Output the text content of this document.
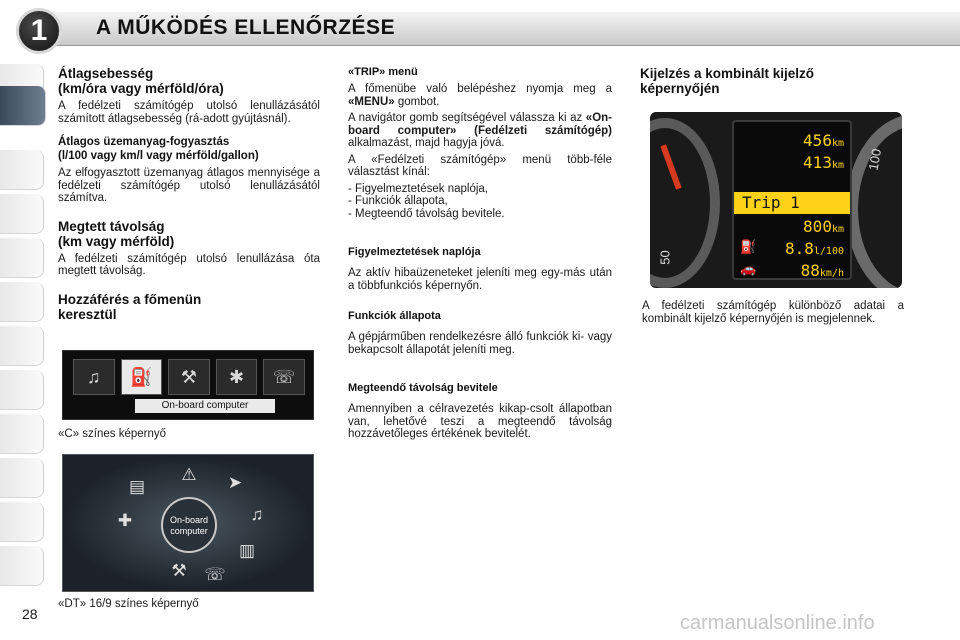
1	A MŰKÖDÉS ELLENŐRZÉSE
28
Átlagsebesség
(km/óra vagy mérföld/óra)

A fedélzeti számítógép utolsó lenullázásától számított átlagsebesség (rá-adott gyújtásnál).

Átlagos üzemanyag-fogyasztás
(l/100 vagy km/l vagy mérföld/gallon)

Az elfogyasztott üzemanyag átlagos mennyisége a fedélzeti számítógép utolsó lenullázásától számítva.

Megtett távolság
(km vagy mérföld)

A fedélzeti számítógép utolsó lenullázása óta megtett távolság.

Hozzáférés a főmenün
keresztül
♫	⛽	⚒	✱	☏
On-board computer
«C» színes képernyő
⚠ ➤
♫
▥
☏
⚒
✚
▤
On-board
computer
«DT» 16/9 színes képernyő
«TRIP» menü

A főmenübe való belépéshez nyomja meg a «MENU» gombot.

A navigátor gomb segítségével válassza ki az «On-board computer» (Fedélzeti számítógép) alkalmazást, majd hagyja jóvá.

A «Fedélzeti számítógép» menü több-féle választást kínál:

- Figyelmeztetések naplója,

- Funkciók állapota,

- Megteendő távolság bevitele.

Figyelmeztetések naplója

Az aktív hibaüzeneteket jeleníti meg egy-más után a többfunkciós képernyőn.

Funkciók állapota

A gépjárműben rendelkezésre álló funkciók ki- vagy bekapcsolt állapotát jeleníti meg.

Megteendő távolság bevitele

Amennyiben a célravezetés kikap-csolt állapotban van, lehetővé teszi a megteendő távolság hozzávetőleges értékének bevitelét.

Kijelzés a kombinált kijelző
képernyőjén
50
100
456km
413km
Trip 1
800km
⛽	8.8l/100
🚗	88km/h

A fedélzeti számítógép különböző adatai a kombinált kijelző képernyőjén is megjelennek.

carmanualsonline.info
